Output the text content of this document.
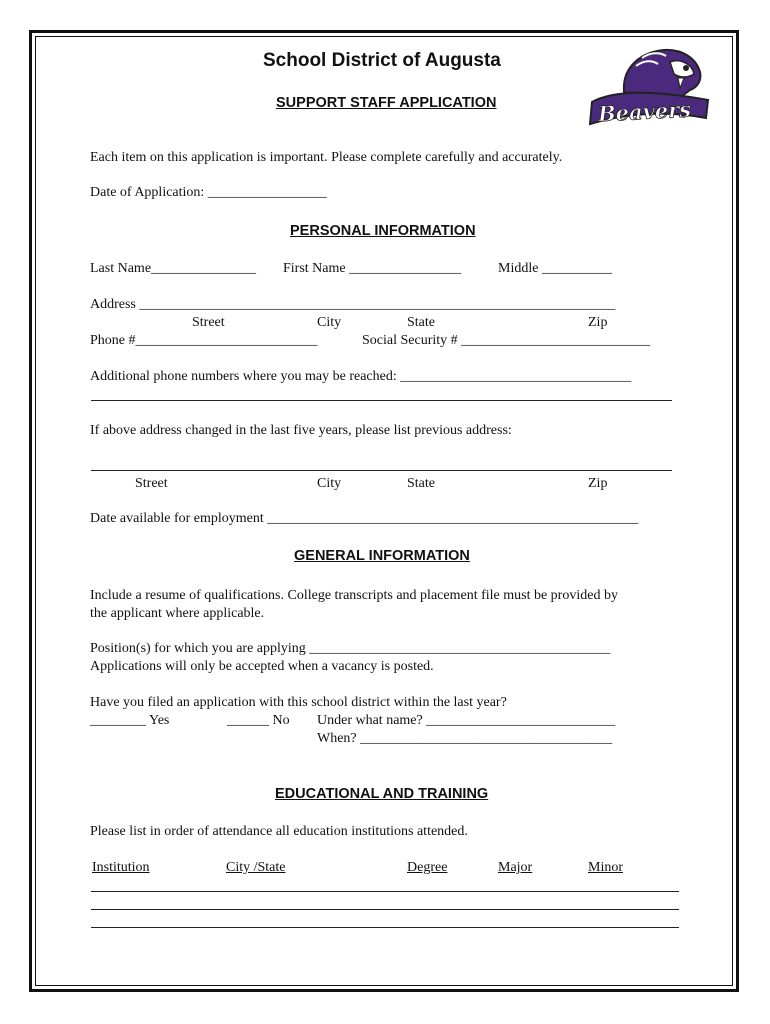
School District of Augusta
SUPPORT STAFF APPLICATION	Beavers
Each item on this application is important. Please complete carefully and accurately.
Date of Application: _________________
PERSONAL INFORMATION
Last Name_______________ First Name ________________	Middle __________
Address ____________________________________________________________________
Street	City	State	Zip
Phone #__________________________	Social Security # ___________________________
Additional phone numbers where you may be reached: _________________________________
If above address changed in the last five years, please list previous address:
Street	City	State	Zip
Date available for employment _____________________________________________________
GENERAL INFORMATION
Include a resume of qualifications. College transcripts and placement file must be provided by
the applicant where applicable.
Position(s) for which you are applying ___________________________________________
Applications will only be accepted when a vacancy is posted.
Have you filed an application with this school district within the last year?
________ Yes	______ No Under what name? ___________________________
When? ____________________________________
EDUCATIONAL AND TRAINING
Please list in order of attendance all education institutions attended.
Institution	City /State	Degree	Major	Minor
